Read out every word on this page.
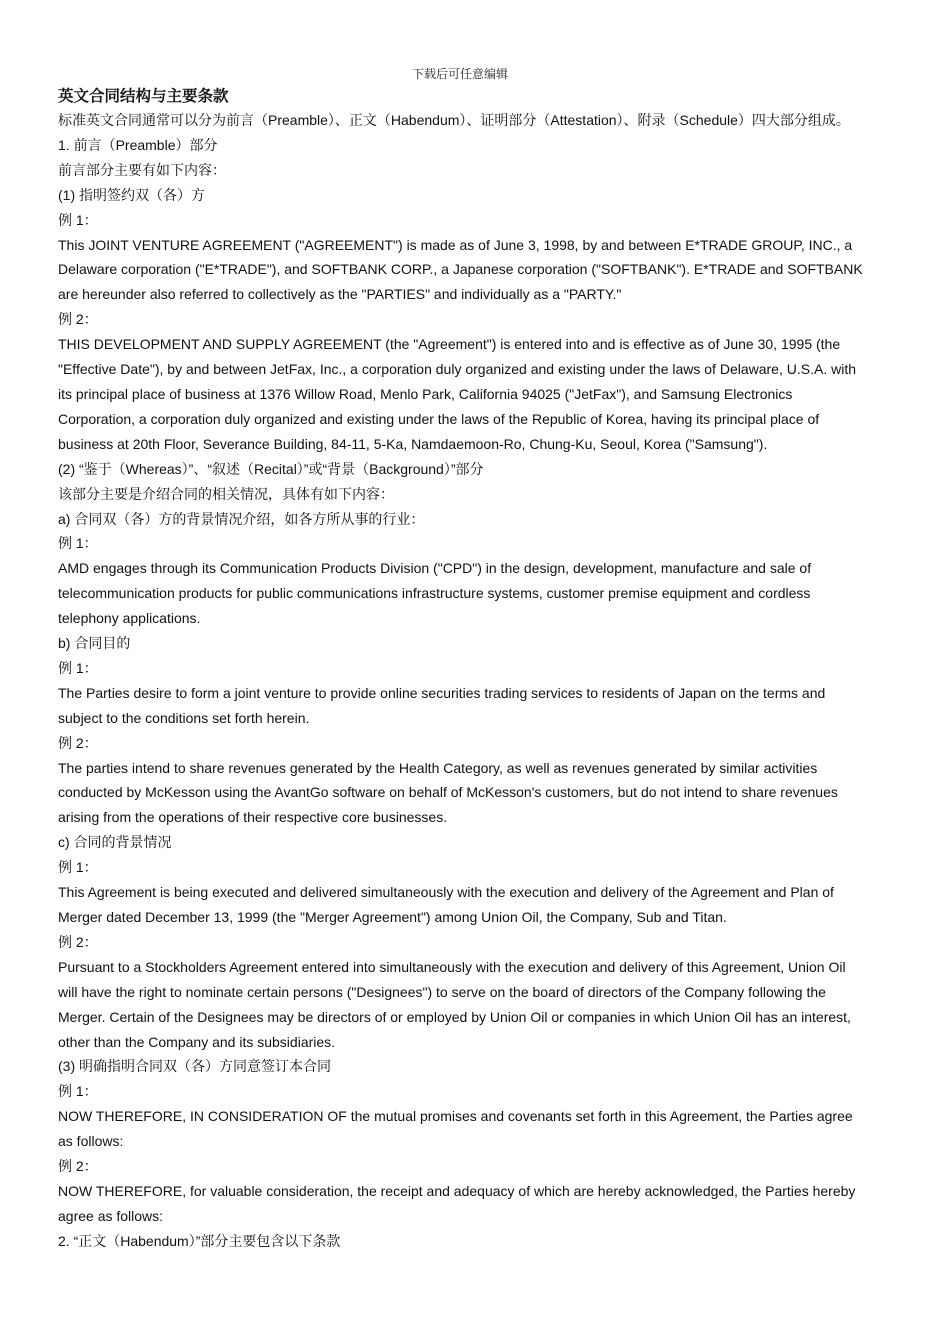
下载后可任意编辑
英文合同结构与主要条款

标准英文合同通常可以分为前言（Preamble）、正文（Habendum）、证明部分（Attestation）、附录（Schedule）四大部分组成。

1. 前言（Preamble）部分

前言部分主要有如下内容：

(1) 指明签约双（各）方

例 1：

This JOINT VENTURE AGREEMENT ("AGREEMENT") is made as of June 3, 1998, by and between E*TRADE GROUP, INC., a Delaware corporation ("E*TRADE"), and SOFTBANK CORP., a Japanese corporation ("SOFTBANK"). E*TRADE and SOFTBANK are hereunder also referred to collectively as the "PARTIES" and individually as a "PARTY."

例 2：

THIS DEVELOPMENT AND SUPPLY AGREEMENT (the "Agreement") is entered into and is effective as of June 30, 1995 (the "Effective Date"), by and between JetFax, Inc., a corporation duly organized and existing under the laws of Delaware, U.S.A. with its principal place of business at 1376 Willow Road, Menlo Park, California 94025 ("JetFax"), and Samsung Electronics Corporation, a corporation duly organized and existing under the laws of the Republic of Korea, having its principal place of business at 20th Floor, Severance Building, 84-11, 5-Ka, Namdaemoon-Ro, Chung-Ku, Seoul, Korea ("Samsung").

(2) “鉴于（Whereas）”、“叙述（Recital）”或“背景（Background）”部分

该部分主要是介绍合同的相关情况，具体有如下内容：

a) 合同双（各）方的背景情况介绍，如各方所从事的行业：

例 1：

AMD engages through its Communication Products Division ("CPD") in the design, development, manufacture and sale of telecommunication products for public communications infrastructure systems, customer premise equipment and cordless telephony applications.

b) 合同目的

例 1：

The Parties desire to form a joint venture to provide online securities trading services to residents of Japan on the terms and subject to the conditions set forth herein.

例 2：

The parties intend to share revenues generated by the Health Category, as well as revenues generated by similar activities conducted by McKesson using the AvantGo software on behalf of McKesson's customers, but do not intend to share revenues arising from the operations of their respective core businesses.

c) 合同的背景情况

例 1：

This Agreement is being executed and delivered simultaneously with the execution and delivery of the Agreement and Plan of Merger dated December 13, 1999 (the "Merger Agreement") among Union Oil, the Company, Sub and Titan.

例 2：

Pursuant to a Stockholders Agreement entered into simultaneously with the execution and delivery of this Agreement, Union Oil will have the right to nominate certain persons ("Designees") to serve on the board of directors of the Company following the Merger. Certain of the Designees may be directors of or employed by Union Oil or companies in which Union Oil has an interest, other than the Company and its subsidiaries.

(3) 明确指明合同双（各）方同意签订本合同

例 1：

NOW THEREFORE, IN CONSIDERATION OF the mutual promises and covenants set forth in this Agreement, the Parties agree as follows:

例 2：

NOW THEREFORE, for valuable consideration, the receipt and adequacy of which are hereby acknowledged, the Parties hereby agree as follows:

2. “正文（Habendum）”部分主要包含以下条款
